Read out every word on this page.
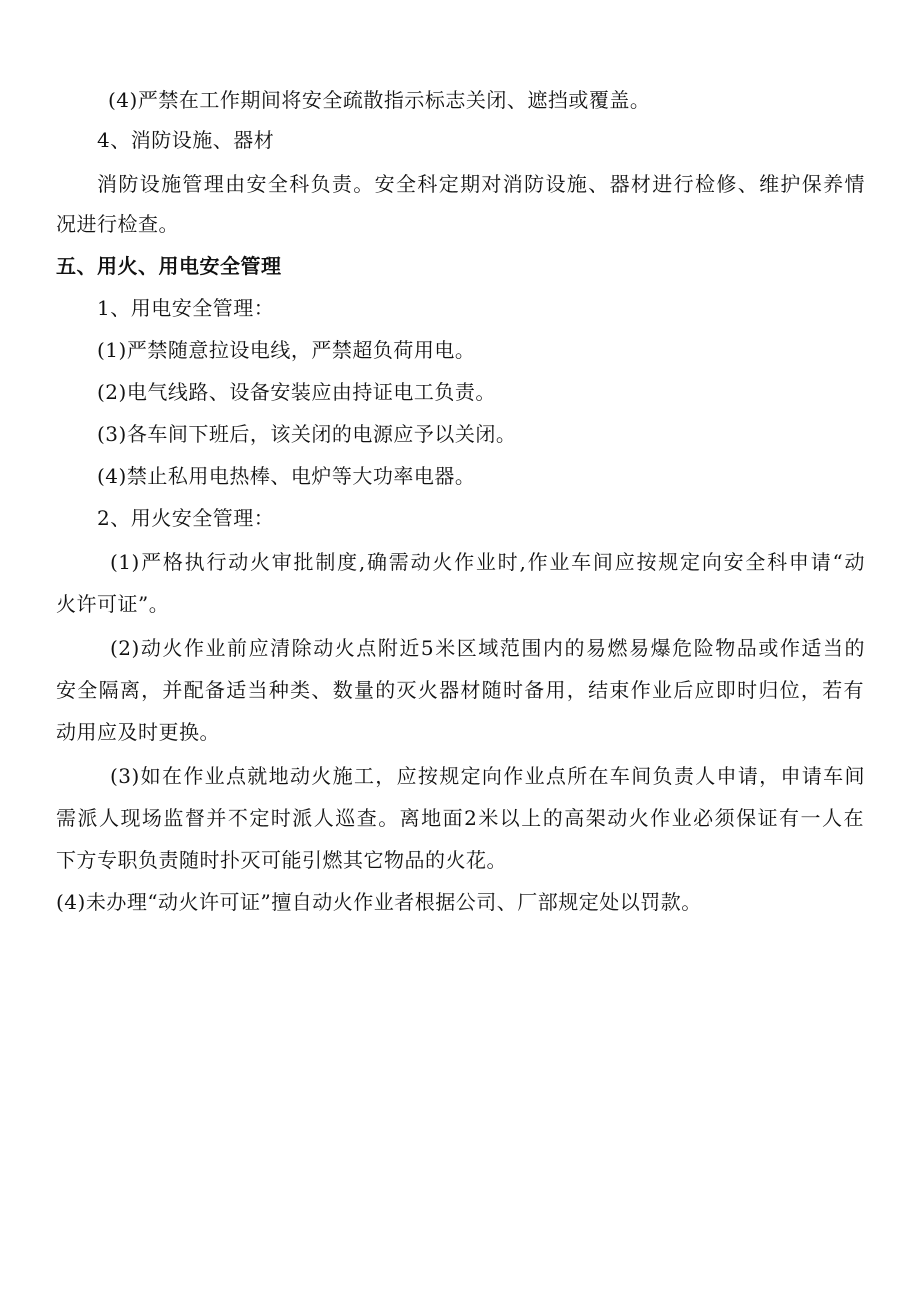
(4)严禁在工作期间将安全疏散指示标志关闭、遮挡或覆盖。
4、消防设施、器材
消防设施管理由安全科负责。安全科定期对消防设施、器材进行检修、维护保养情
况进行检查。
五、用火、用电安全管理
1、用电安全管理：
(1)严禁随意拉设电线，严禁超负荷用电。
(2)电气线路、设备安装应由持证电工负责。
(3)各车间下班后，该关闭的电源应予以关闭。
(4)禁止私用电热棒、电炉等大功率电器。
2、用火安全管理：
(1)严格执行动火审批制度,确需动火作业时,作业车间应按规定向安全科申请“动
火许可证”。
(2)动火作业前应清除动火点附近5米区域范围内的易燃易爆危险物品或作适当的
安全隔离，并配备适当种类、数量的灭火器材随时备用，结束作业后应即时归位，若有
动用应及时更换。
(3)如在作业点就地动火施工，应按规定向作业点所在车间负责人申请，申请车间
需派人现场监督并不定时派人巡查。离地面2米以上的高架动火作业必须保证有一人在
下方专职负责随时扑灭可能引燃其它物品的火花。
(4)未办理“动火许可证”擅自动火作业者根据公司、厂部规定处以罚款。
